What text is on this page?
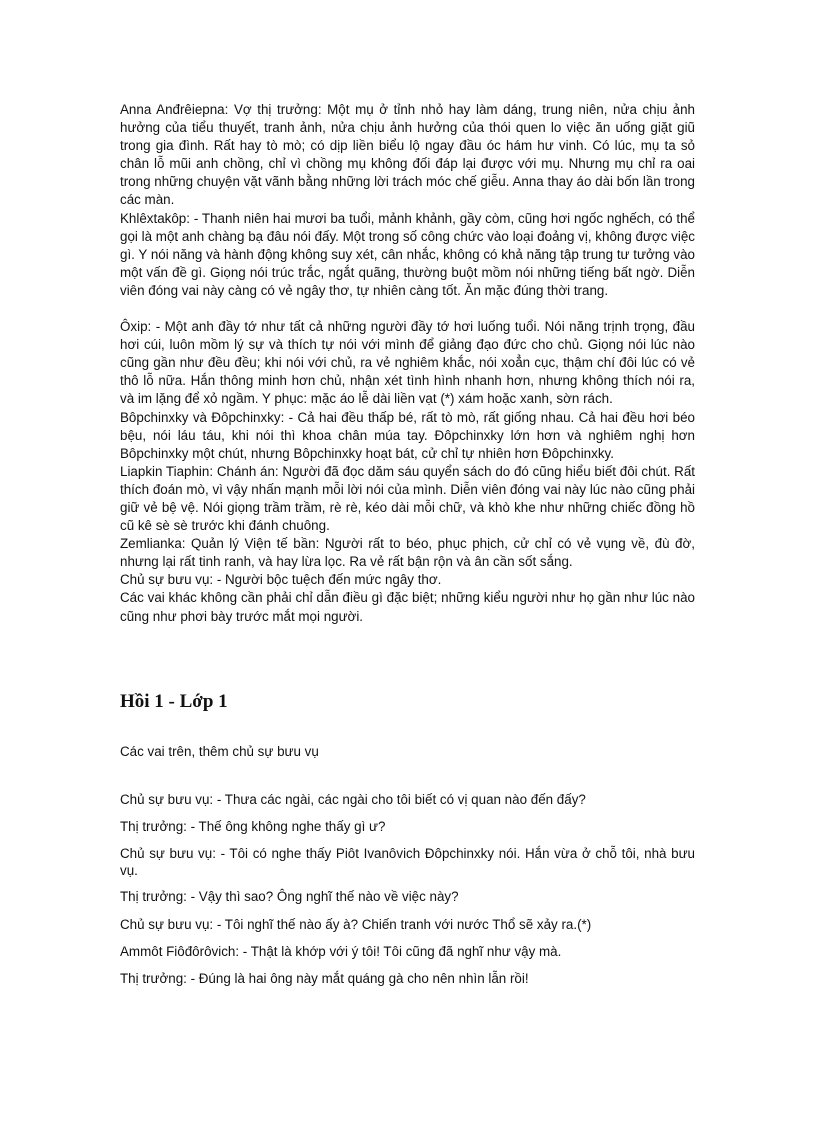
Anna Anđrêiepna: Vợ thị trưởng: Một mụ ở tỉnh nhỏ hay làm dáng, trung niên, nửa chịu ảnh hưởng của tiểu thuyết, tranh ảnh, nửa chịu ảnh hưởng của thói quen lo việc ăn uống giặt giũ trong gia đình. Rất hay tò mò; có dịp liền biểu lộ ngay đầu óc hám hư vinh. Có lúc, mụ ta sỏ chân lỗ mũi anh chồng, chỉ vì chồng mụ không đối đáp lại được với mụ. Nhưng mụ chỉ ra oai trong những chuyện vặt vãnh bằng những lời trách móc chế giễu. Anna thay áo dài bốn lần trong các màn.

Khlêxtakôp: - Thanh niên hai mươi ba tuổi, mảnh khảnh, gầy còm, cũng hơi ngốc nghếch, có thể gọi là một anh chàng bạ đâu nói đấy. Một trong số công chức vào loại đoảng vị, không được việc gì. Y nói năng và hành động không suy xét, cân nhắc, không có khả năng tập trung tư tưởng vào một vấn đề gì. Giọng nói trúc trắc, ngắt quãng, thường buột mồm nói những tiếng bất ngờ. Diễn viên đóng vai này càng có vẻ ngây thơ, tự nhiên càng tốt. Ăn mặc đúng thời trang.

Ôxip: - Một anh đầy tớ như tất cả những người đầy tớ hơi luống tuổi. Nói năng trịnh trọng, đầu hơi cúi, luôn mồm lý sự và thích tự nói với mình để giảng đạo đức cho chủ. Giọng nói lúc nào cũng gần như đều đều; khi nói với chủ, ra vẻ nghiêm khắc, nói xoẳn cục, thậm chí đôi lúc có vẻ thô lỗ nữa. Hắn thông minh hơn chủ, nhận xét tình hình nhanh hơn, nhưng không thích nói ra, và im lặng để xỏ ngầm. Y phục: mặc áo lễ dài liền vạt (*) xám hoặc xanh, sờn rách.

Bôpchinxky và Đôpchinxky: - Cả hai đều thấp bé, rất tò mò, rất giống nhau. Cả hai đều hơi béo bệu, nói láu táu, khi nói thì khoa chân múa tay. Đôpchinxky lớn hơn và nghiêm nghị hơn Bôpchinxky một chút, nhưng Bôpchinxky hoạt bát, cử chỉ tự nhiên hơn Đôpchinxky.

Liapkin Tiaphin: Chánh án: Người đã đọc dăm sáu quyển sách do đó cũng hiểu biết đôi chút. Rất thích đoán mò, vì vậy nhấn mạnh mỗi lời nói của mình. Diễn viên đóng vai này lúc nào cũng phải giữ vẻ bệ vệ. Nói giọng trầm trầm, rè rè, kéo dài mỗi chữ, và khò khe như những chiếc đồng hồ cũ kê sè sè trước khi đánh chuông.

Zemlianka: Quản lý Viện tế bần: Người rất to béo, phục phịch, cử chỉ có vẻ vụng về, đù đờ, nhưng lại rất tinh ranh, và hay lừa lọc. Ra vẻ rất bận rộn và ân cần sốt sắng.

Chủ sự bưu vụ: - Người bộc tuệch đến mức ngây thơ.

Các vai khác không cần phải chỉ dẫn điều gì đặc biệt; những kiểu người như họ gần như lúc nào cũng như phơi bày trước mắt mọi người.

Hồi 1 - Lớp 1

Các vai trên, thêm chủ sự bưu vụ

Chủ sự bưu vụ: - Thưa các ngài, các ngài cho tôi biết có vị quan nào đến đấy?

Thị trưởng: - Thế ông không nghe thấy gì ư?

Chủ sự bưu vụ: - Tôi có nghe thấy Piôt Ivanôvich Đôpchinxky nói. Hắn vừa ở chỗ tôi, nhà bưu vụ.

Thị trưởng: - Vậy thì sao? Ông nghĩ thế nào về việc này?

Chủ sự bưu vụ: - Tôi nghĩ thế nào ấy à? Chiến tranh với nước Thổ sẽ xảy ra.(*)

Ammôt Fiôđôrôvich: - Thật là khớp với ý tôi! Tôi cũng đã nghĩ như vậy mà.

Thị trưởng: - Đúng là hai ông này mắt quáng gà cho nên nhìn lẫn rồi!
